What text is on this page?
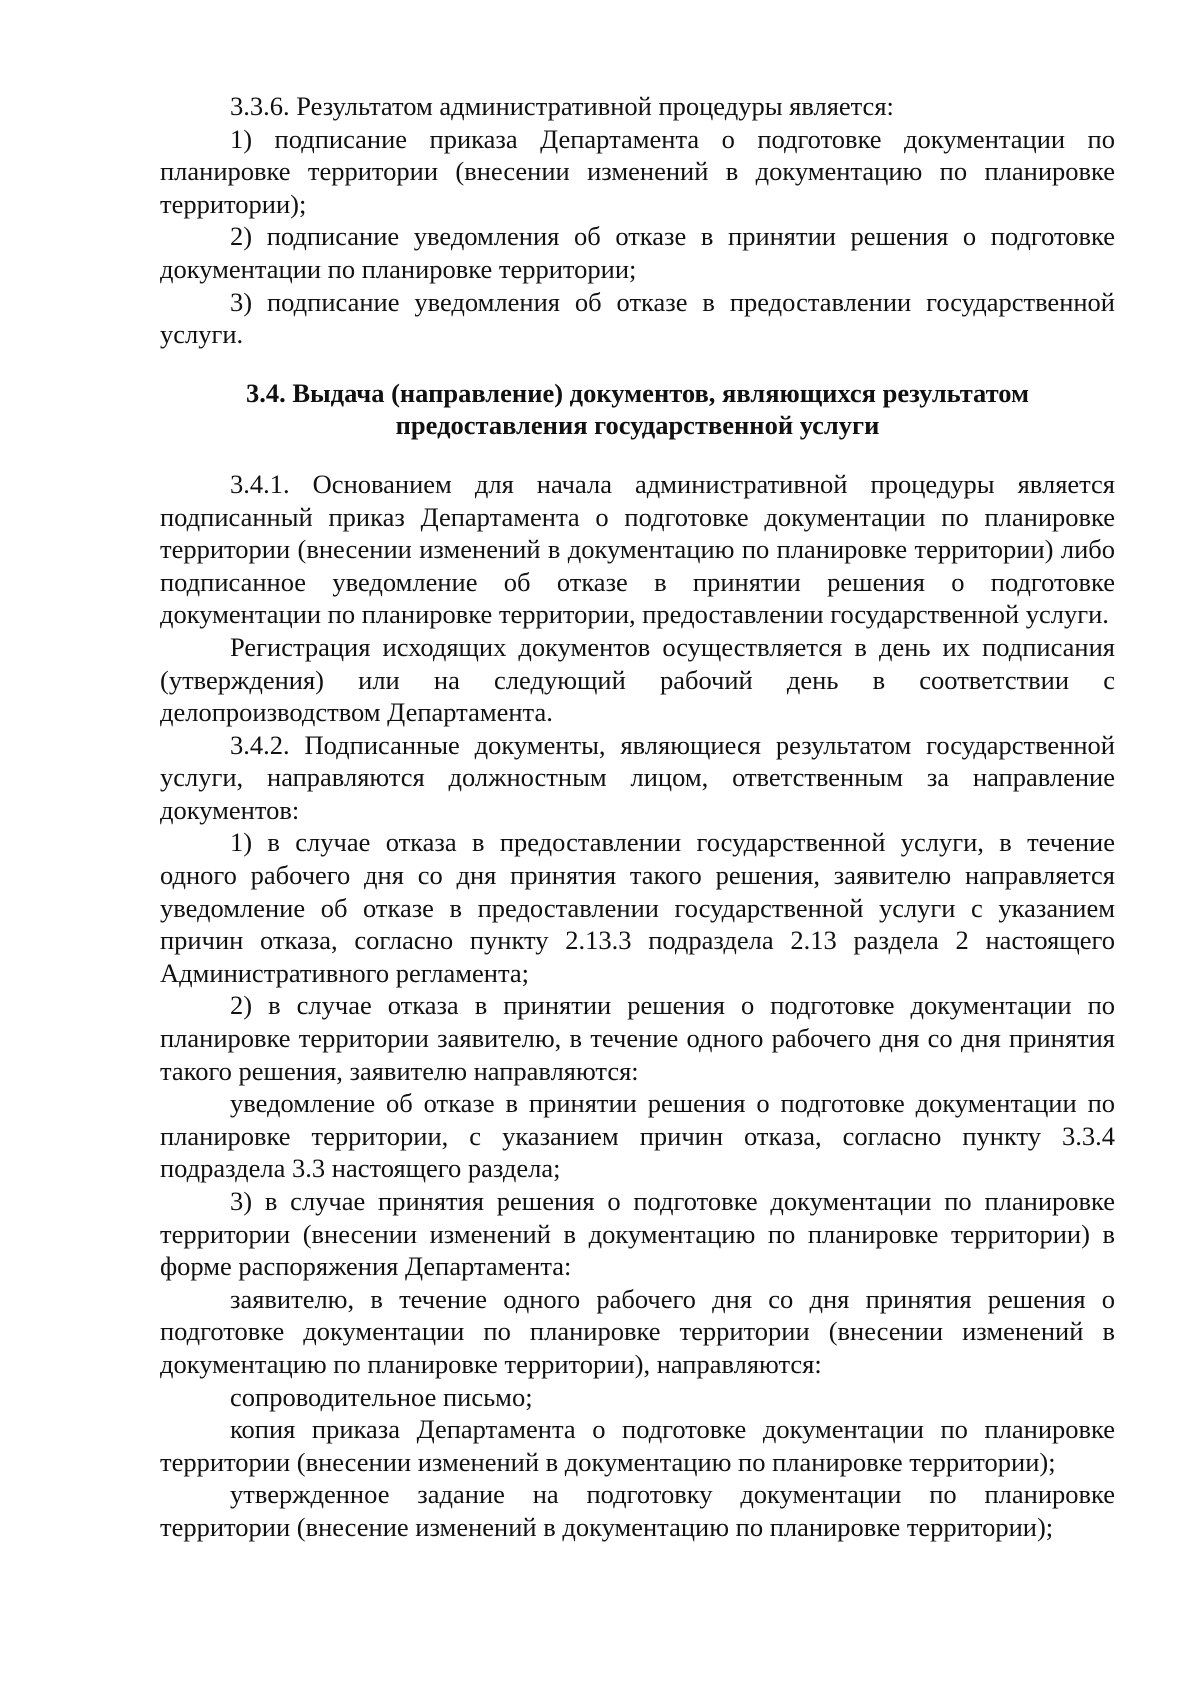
3.3.6. Результатом административной процедуры является:

1) подписание приказа Департамента о подготовке документации по планировке территории (внесении изменений в документацию по планировке территории);

2) подписание уведомления об отказе в принятии решения о подготовке документации по планировке территории;

3) подписание уведомления об отказе в предоставлении государственной услуги.

3.4. Выдача (направление) документов, являющихся результатом
предоставления государственной услуги

3.4.1. Основанием для начала административной процедуры является подписанный приказ Департамента о подготовке документации по планировке территории (внесении изменений в документацию по планировке территории) либо подписанное уведомление об отказе в принятии решения о подготовке документации по планировке территории, предоставлении государственной услуги.

Регистрация исходящих документов осуществляется в день их подписания (утверждения) или на следующий рабочий день в соответствии с делопроизводством Департамента.

3.4.2. Подписанные документы, являющиеся результатом государственной услуги, направляются должностным лицом, ответственным за направление документов:

1) в случае отказа в предоставлении государственной услуги, в течение одного рабочего дня со дня принятия такого решения, заявителю направляется уведомление об отказе в предоставлении государственной услуги с указанием причин отказа, согласно пункту 2.13.3 подраздела 2.13 раздела 2 настоящего Административного регламента;

2) в случае отказа в принятии решения о подготовке документации по планировке территории заявителю, в течение одного рабочего дня со дня принятия такого решения, заявителю направляются:

уведомление об отказе в принятии решения о подготовке документации по планировке территории, с указанием причин отказа, согласно пункту 3.3.4 подраздела 3.3 настоящего раздела;

3) в случае принятия решения о подготовке документации по планировке территории (внесении изменений в документацию по планировке территории) в форме распоряжения Департамента:

заявителю, в течение одного рабочего дня со дня принятия решения о подготовке документации по планировке территории (внесении изменений в документацию по планировке территории), направляются:

сопроводительное письмо;

копия приказа Департамента о подготовке документации по планировке территории (внесении изменений в документацию по планировке территории);

утвержденное задание на подготовку документации по планировке территории (внесение изменений в документацию по планировке территории);
